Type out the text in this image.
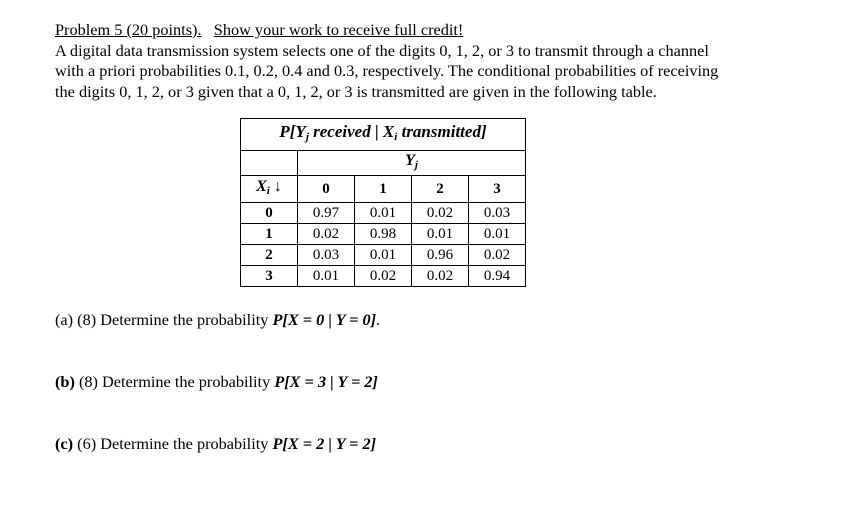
Problem 5 (20 points). Show your work to receive full credit!
A digital data transmission system selects one of the digits 0, 1, 2, or 3 to transmit through a channel
with a priori probabilities 0.1, 0.2, 0.4 and 0.3, respectively. The conditional probabilities of receiving
the digits 0, 1, 2, or 3 given that a 0, 1, 2, or 3 is transmitted are given in the following table.
$P[Y_j$ received | $X_i$ transmitted]				
	$Y_j$
$X_i$ ↓	0	1	2	3
0	0.97	0.01	0.02	0.03
1	0.02	0.98	0.01	0.01
2	0.03	0.01	0.96	0.02
3	0.01	0.02	0.02	0.94
(a) (8) Determine the probability P[X = 0 | Y = 0].
(b) (8) Determine the probability P[X = 3 | Y = 2]
(c) (6) Determine the probability P[X = 2 | Y = 2]
